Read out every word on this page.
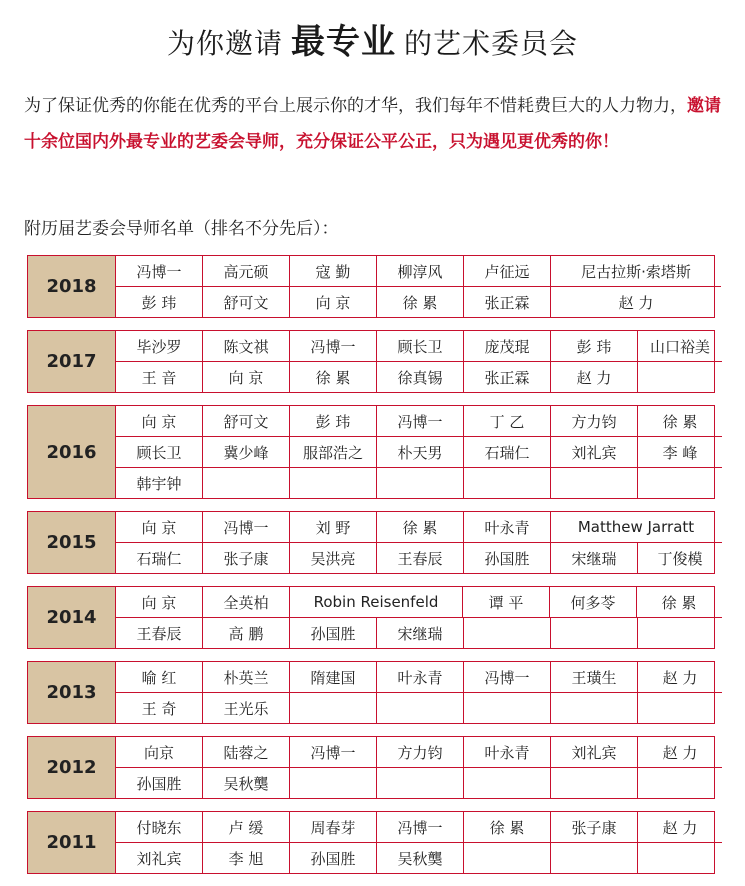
为你邀请 最专业 的艺术委员会
为了保证优秀的你能在优秀的平台上展示你的才华，我们每年不惜耗费巨大的人力物力，邀请十余位国内外最专业的艺委会导师，充分保证公平公正，只为遇见更优秀的你！
附历届艺委会导师名单（排名不分先后）：
2018
冯博一	高元硕	寇 勤	柳淳风	卢征远	尼古拉斯·索塔斯
彭 玮	舒可文	向 京	徐 累	张正霖	赵 力
2017
毕沙罗	陈文祺	冯博一	顾长卫	庞茂琨	彭 玮	山口裕美
王 音	向 京	徐 累	徐真锡	张正霖	赵 力
2016
向 京	舒可文	彭 玮	冯博一	丁 乙	方力钧	徐 累
顾长卫	冀少峰	服部浩之	朴天男	石瑞仁	刘礼宾	李 峰
韩宇钟
2015
向 京	冯博一	刘 野	徐 累	叶永青	Matthew Jarratt
石瑞仁	张子康	吴洪亮	王春辰	孙国胜	宋继瑞	丁俊模
2014
向 京	全英柏	Robin Reisenfeld	谭 平	何多苓	徐 累
王春辰	高 鹏	孙国胜	宋继瑞
2013
喻 红	朴英兰	隋建国	叶永青	冯博一	王璜生	赵 力
王 奇	王光乐
2012
向京	陆蓉之	冯博一	方力钧	叶永青	刘礼宾	赵 力
孙国胜	吴秋龑
2011
付晓东	卢 缓	周春芽	冯博一	徐 累	张子康	赵 力
刘礼宾	李 旭	孙国胜	吴秋龑
